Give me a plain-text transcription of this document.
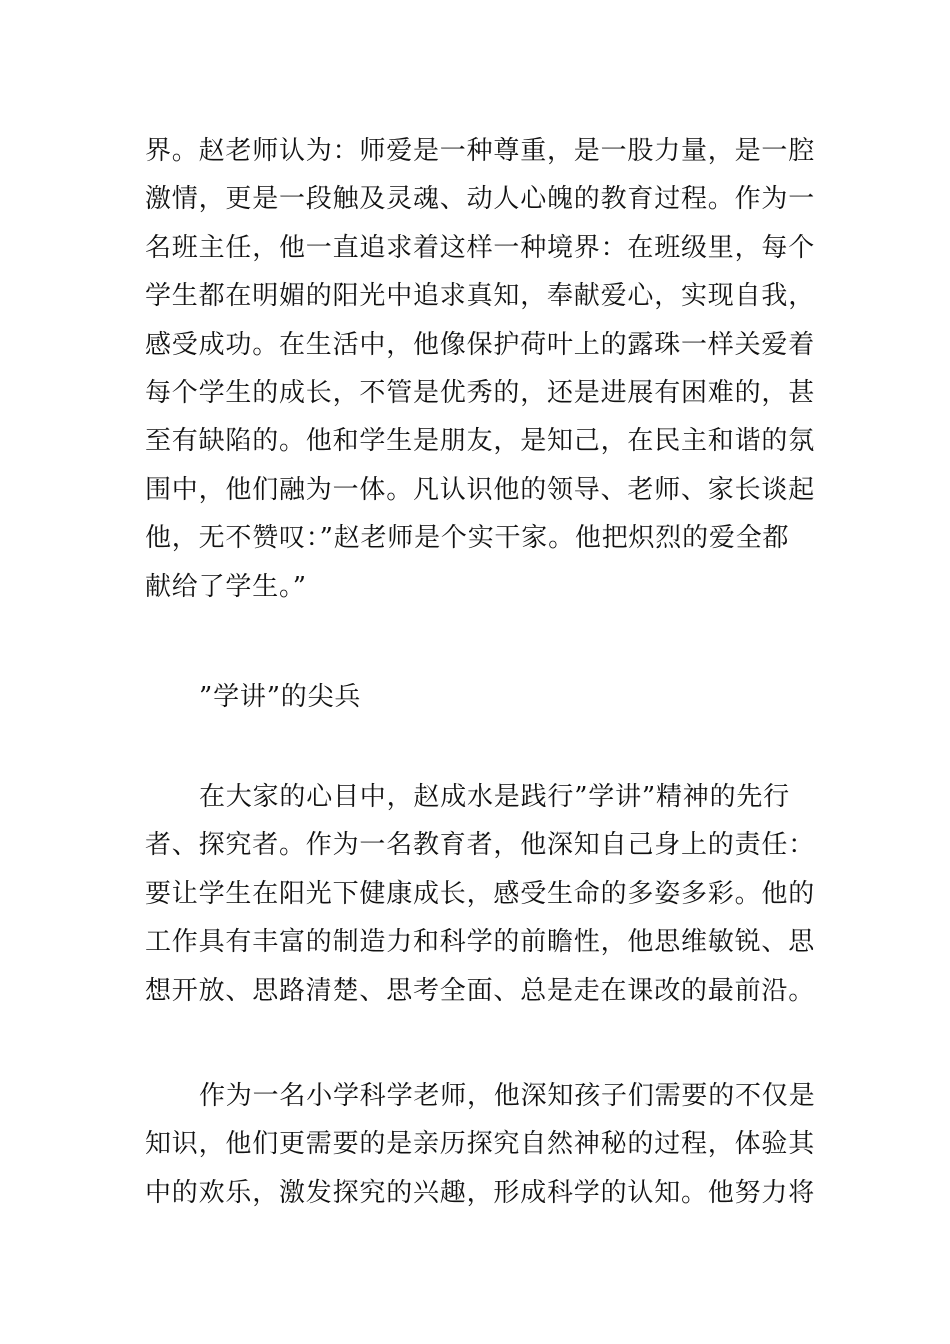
界。赵老师认为：师爱是一种尊重，是一股力量，是一腔
激情，更是一段触及灵魂、动人心魄的教育过程。作为一
名班主任，他一直追求着这样一种境界：在班级里，每个
学生都在明媚的阳光中追求真知，奉献爱心，实现自我，
感受成功。在生活中，他像保护荷叶上的露珠一样关爱着
每个学生的成长，不管是优秀的，还是进展有困难的，甚
至有缺陷的。他和学生是朋友，是知己，在民主和谐的氛
围中，他们融为一体。凡认识他的领导、老师、家长谈起
他，无不赞叹：”赵老师是个实干家。他把炽烈的爱全都
献给了学生。”
”学讲”的尖兵
在大家的心目中，赵成水是践行”学讲”精神的先行
者、探究者。作为一名教育者，他深知自己身上的责任：
要让学生在阳光下健康成长，感受生命的多姿多彩。他的
工作具有丰富的制造力和科学的前瞻性，他思维敏锐、思
想开放、思路清楚、思考全面、总是走在课改的最前沿。
作为一名小学科学老师，他深知孩子们需要的不仅是
知识，他们更需要的是亲历探究自然神秘的过程，体验其
中的欢乐，激发探究的兴趣，形成科学的认知。他努力将
